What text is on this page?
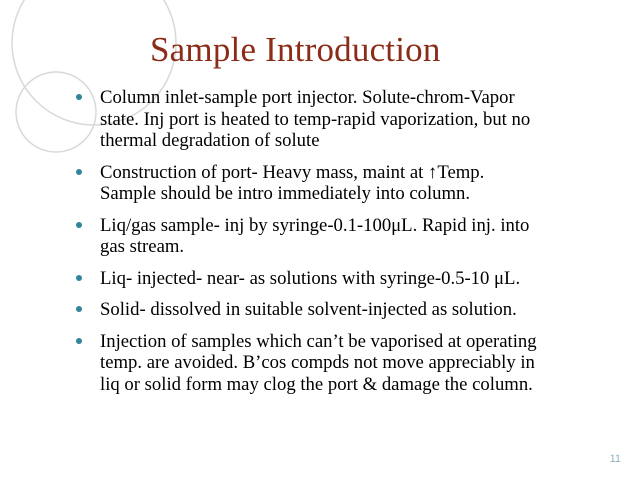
Sample Introduction
Column inlet-sample port injector. Solute-chrom-Vapor
state. Inj port is heated to temp-rapid vaporization, but no
thermal degradation of solute
Construction of port- Heavy mass, maint at ↑Temp.
Sample should be intro immediately into column.
Liq/gas sample- inj by syringe-0.1-100μL. Rapid inj. into
gas stream.
Liq- injected- near- as solutions with syringe-0.5-10 μL.
Solid- dissolved in suitable solvent-injected as solution.
Injection of samples which can’t be vaporised at operating
temp. are avoided. B’cos compds not move appreciably in
liq or solid form may clog the port & damage the column.
11
